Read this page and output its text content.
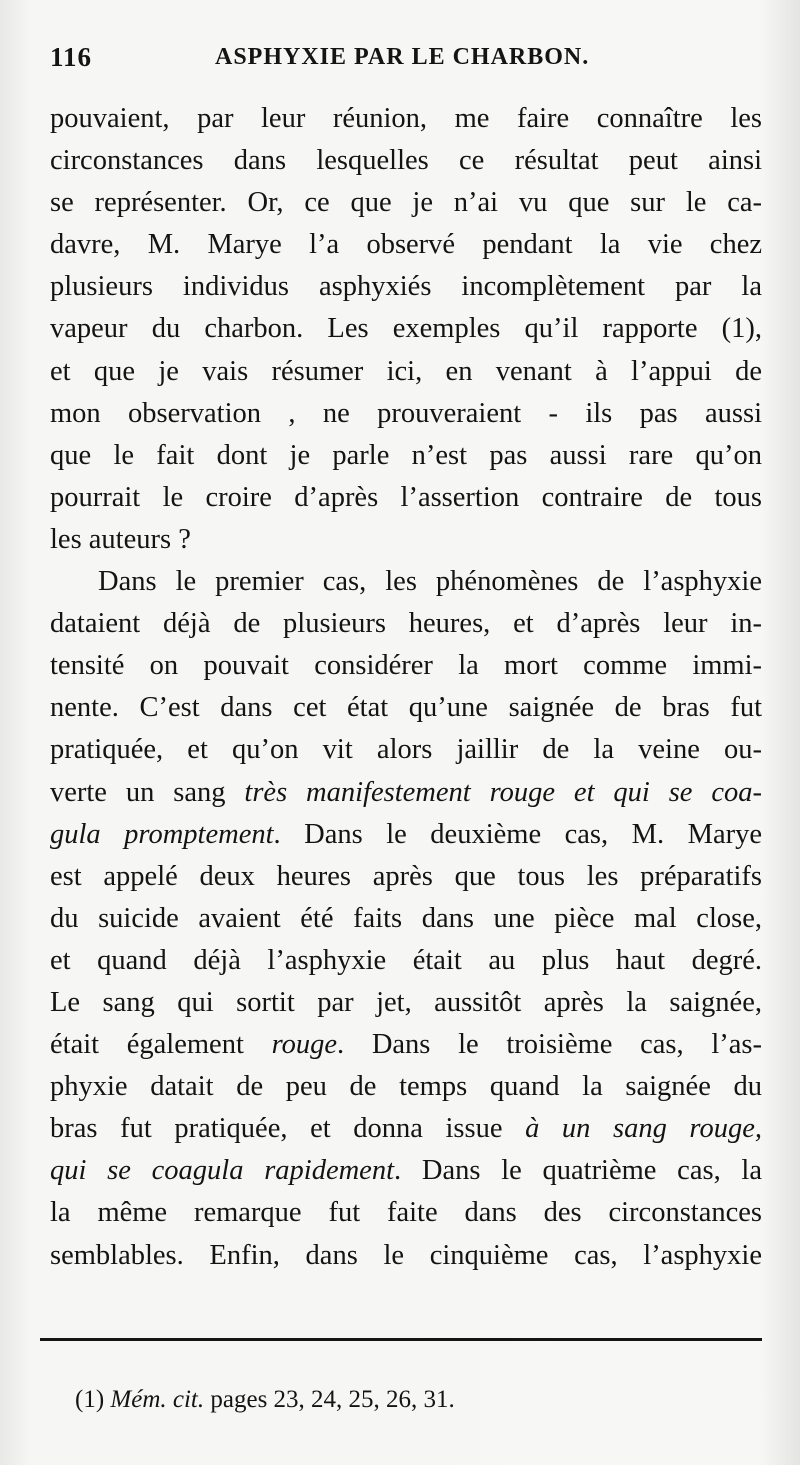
116	ASPHYXIE PAR LE CHARBON.
pouvaient, par leur réunion, me faire connaître les
circonstances dans lesquelles ce résultat peut ainsi
se représenter. Or, ce que je n’ai vu que sur le ca-
davre, M. Marye l’a observé pendant la vie chez
plusieurs individus asphyxiés incomplètement par la
vapeur du charbon. Les exemples qu’il rapporte (1),
et que je vais résumer ici, en venant à l’appui de
mon observation , ne prouveraient - ils pas aussi
que le fait dont je parle n’est pas aussi rare qu’on
pourrait le croire d’après l’assertion contraire de tous
les auteurs ?
Dans le premier cas, les phénomènes de l’asphyxie
dataient déjà de plusieurs heures, et d’après leur in-
tensité on pouvait considérer la mort comme immi-
nente. C’est dans cet état qu’une saignée de bras fut
pratiquée, et qu’on vit alors jaillir de la veine ou-
verte un sang très manifestement rouge et qui se coa-
gula promptement. Dans le deuxième cas, M. Marye
est appelé deux heures après que tous les préparatifs
du suicide avaient été faits dans une pièce mal close,
et quand déjà l’asphyxie était au plus haut degré.
Le sang qui sortit par jet, aussitôt après la saignée,
était également rouge. Dans le troisième cas, l’as-
phyxie datait de peu de temps quand la saignée du
bras fut pratiquée, et donna issue à un sang rouge,
qui se coagula rapidement. Dans le quatrième cas, la
la même remarque fut faite dans des circonstances
semblables. Enfin, dans le cinquième cas, l’asphyxie
(1) Mém. cit. pages 23, 24, 25, 26, 31.
